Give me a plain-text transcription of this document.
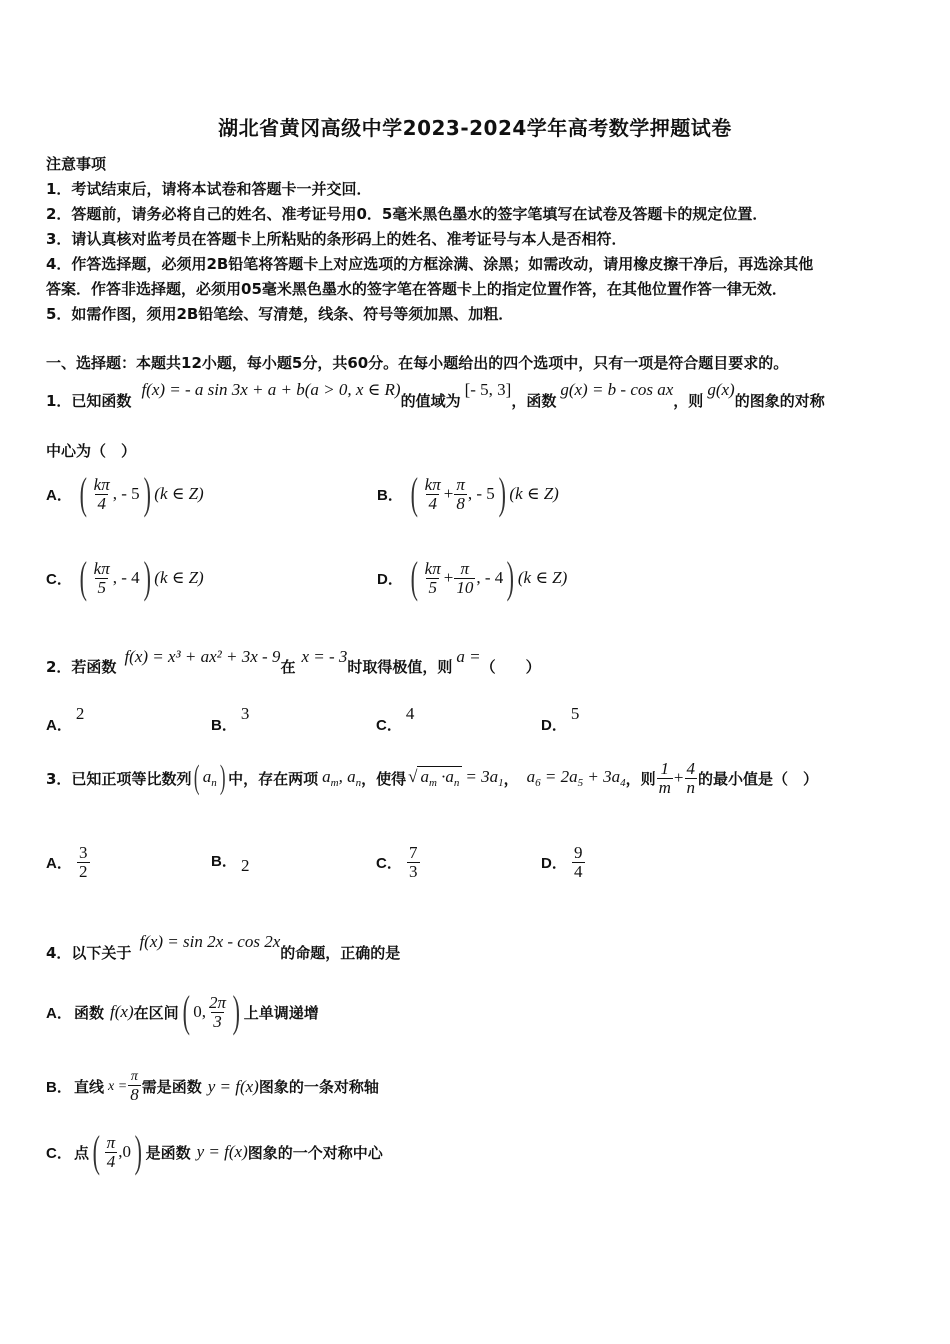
湖北省黄冈高级中学2023-2024学年高考数学押题试卷
注意事项
1．考试结束后，请将本试卷和答题卡一并交回．
2．答题前，请务必将自己的姓名、准考证号用0．5毫米黑色墨水的签字笔填写在试卷及答题卡的规定位置．
3．请认真核对监考员在答题卡上所粘贴的条形码上的姓名、准考证号与本人是否相符．
4．作答选择题，必须用2B铅笔将答题卡上对应选项的方框涂满、涂黑；如需改动，请用橡皮擦干净后，再选涂其他
答案．作答非选择题，必须用05毫米黑色墨水的签字笔在答题卡上的指定位置作答，在其他位置作答一律无效．
5．如需作图，须用2B铅笔绘、写清楚，线条、符号等须加黑、加粗．
一、选择题：本题共12小题，每小题5分，共60分。在每小题给出的四个选项中，只有一项是符合题目要求的。
1．已知函数
f(x) = - a sin 3x + a + b(a > 0, x ∈ R)
的值域为
[- 5, 3]
，函数
g(x) = b - cos ax
，则
g(x)
的图象的对称
中心为（　）
A． ( $\frac{k\pi}{4}$ , - 5 ) (k ∈ Z)	B． ( $\frac{k\pi}{4} + \frac{\pi}{8}$ , - 5 ) (k ∈ Z)
C． ( $\frac{k\pi}{5}$ , - 4 ) (k ∈ Z)	D． ( $\frac{k\pi}{5} + \frac{\pi}{10}$ , - 4 ) (k ∈ Z)
2．若函数
f(x) = x³ + ax² + 3x - 9
在
x = - 3
时取得极值，则
a =
（　　）
A．
2
B．
3
C．
4
D．
5
3．已知正项等比数列 ( $a_n$ ) 中，存在两项 $a_m$, $a_n$ ，使得 √ $a_m \cdot a_n = 3a_1$ ， $a_6 = 2a_5 + 3a_4$ ，则 $\frac{1}{m} + \frac{4}{n}$ 的最小值是（　）
A． $\frac{3}{2}$	B． 2	C． $\frac{7}{3}$	D． $\frac{9}{4}$
4．以下关于
f(x) = sin 2x - cos 2x
的命题，正确的是
A． 函数 f(x) 在区间 ( 0, $\frac{2\pi}{3}$ ) 上单调递增
B． 直线 $x = \frac{\pi}{8}$ 需是函数 y = f(x) 图象的一条对称轴
C． 点 ( $\frac{\pi}{4} ,0$ ) 是函数 y = f(x) 图象的一个对称中心
